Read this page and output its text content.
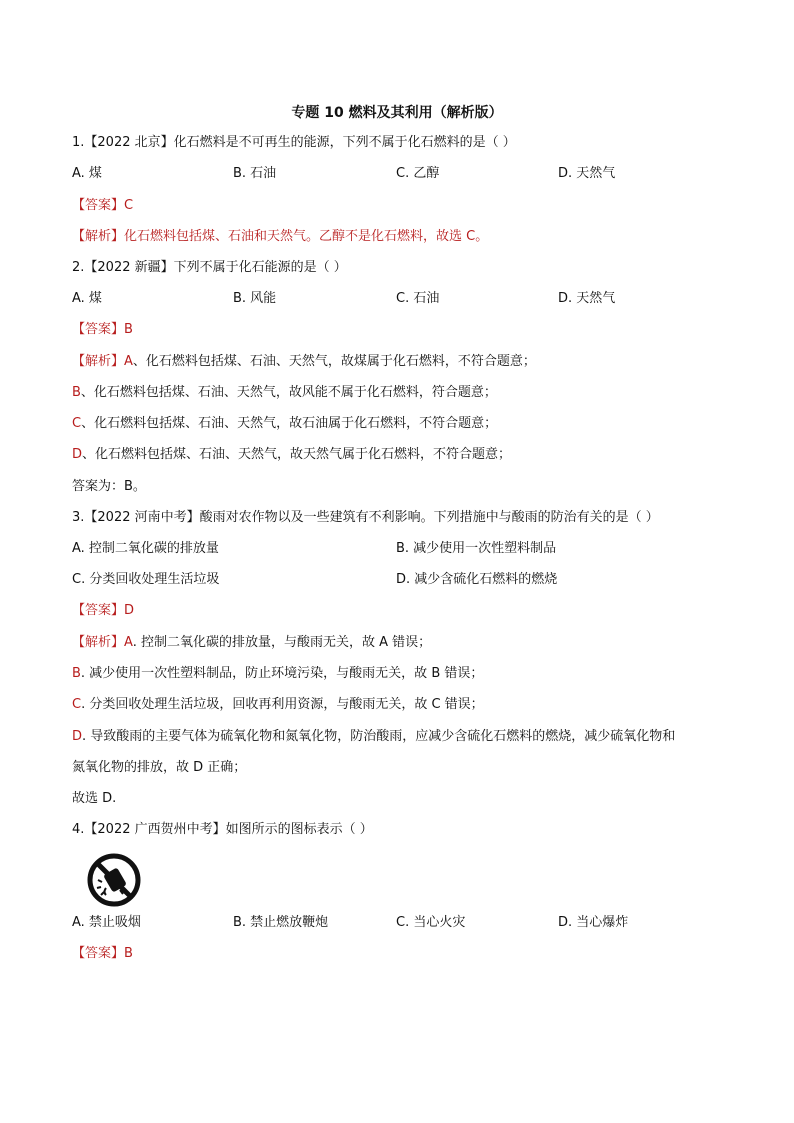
专题 10 燃料及其利用（解析版）
1.【2022 北京】化石燃料是不可再生的能源，下列不属于化石燃料的是（ ）
A. 煤	B. 石油	C. 乙醇	D. 天然气
【答案】C
【解析】化石燃料包括煤、石油和天然气。乙醇不是化石燃料，故选 C。
2.【2022 新疆】下列不属于化石能源的是（ ）
A. 煤	B. 风能	C. 石油	D. 天然气
【答案】B
【解析】A、化石燃料包括煤、石油、天然气，故煤属于化石燃料，不符合题意；
B、化石燃料包括煤、石油、天然气，故风能不属于化石燃料，符合题意；
C、化石燃料包括煤、石油、天然气，故石油属于化石燃料，不符合题意；
D、化石燃料包括煤、石油、天然气，故天然气属于化石燃料，不符合题意；
答案为：B。
3.【2022 河南中考】酸雨对农作物以及一些建筑有不利影响。下列措施中与酸雨的防治有关的是（ ）
A. 控制二氧化碳的排放量	B. 减少使用一次性塑料制品
C. 分类回收处理生活垃圾	D. 减少含硫化石燃料的燃烧
【答案】D
【解析】A. 控制二氧化碳的排放量，与酸雨无关，故 A 错误；
B. 减少使用一次性塑料制品，防止环境污染，与酸雨无关，故 B 错误；
C. 分类回收处理生活垃圾，回收再利用资源，与酸雨无关，故 C 错误；
D. 导致酸雨的主要气体为硫氧化物和氮氧化物，防治酸雨，应减少含硫化石燃料的燃烧，减少硫氧化物和
氮氧化物的排放，故 D 正确；
故选 D.
4.【2022 广西贺州中考】如图所示的图标表示（ ）
A. 禁止吸烟	B. 禁止燃放鞭炮	C. 当心火灾	D. 当心爆炸
【答案】B
